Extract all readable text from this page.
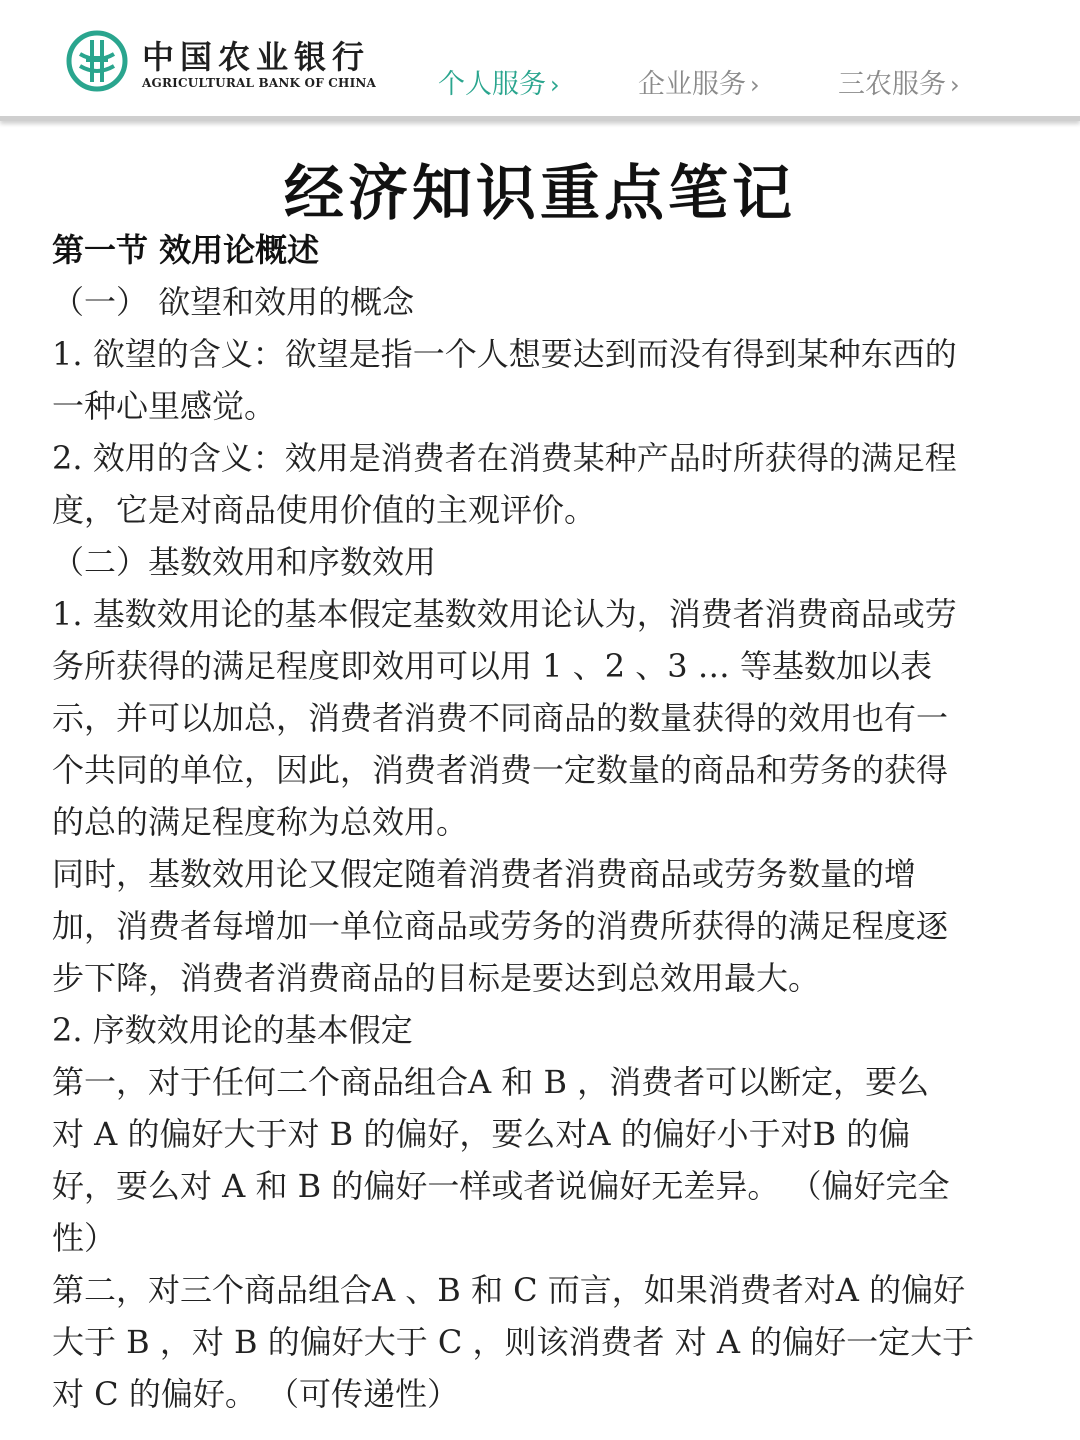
中国农业银行
AGRICULTURAL BANK OF CHINA 个人服务 ›	企业服务 ›	三农服务 ›
经济知识重点笔记
第一节 效用论概述
（一） 欲望和效用的概念

1. 欲望的含义：欲望是指一个人想要达到而没有得到某种东西的
一种心里感觉。

2. 效用的含义：效用是消费者在消费某种产品时所获得的满足程
度，它是对商品使用价值的主观评价。

（二）基数效用和序数效用

1. 基数效用论的基本假定基数效用论认为，消费者消费商品或劳
务所获得的满足程度即效用可以用 1 、2 、3 … 等基数加以表
示，并可以加总，消费者消费不同商品的数量获得的效用也有一
个共同的单位，因此，消费者消费一定数量的商品和劳务的获得
的总的满足程度称为总效用。

同时，基数效用论又假定随着消费者消费商品或劳务数量的增
加，消费者每增加一单位商品或劳务的消费所获得的满足程度逐
步下降，消费者消费商品的目标是要达到总效用最大。

2. 序数效用论的基本假定

第一，对于任何二个商品组合A 和 B ，消费者可以断定，要么
对 A 的偏好大于对 B 的偏好，要么对A 的偏好小于对B 的偏
好，要么对 A 和 B 的偏好一样或者说偏好无差异。 （偏好完全
性）

第二，对三个商品组合A 、B 和 C 而言，如果消费者对A 的偏好
大于 B ，对 B 的偏好大于 C ，则该消费者 对 A 的偏好一定大于
对 C 的偏好。 （可传递性）
